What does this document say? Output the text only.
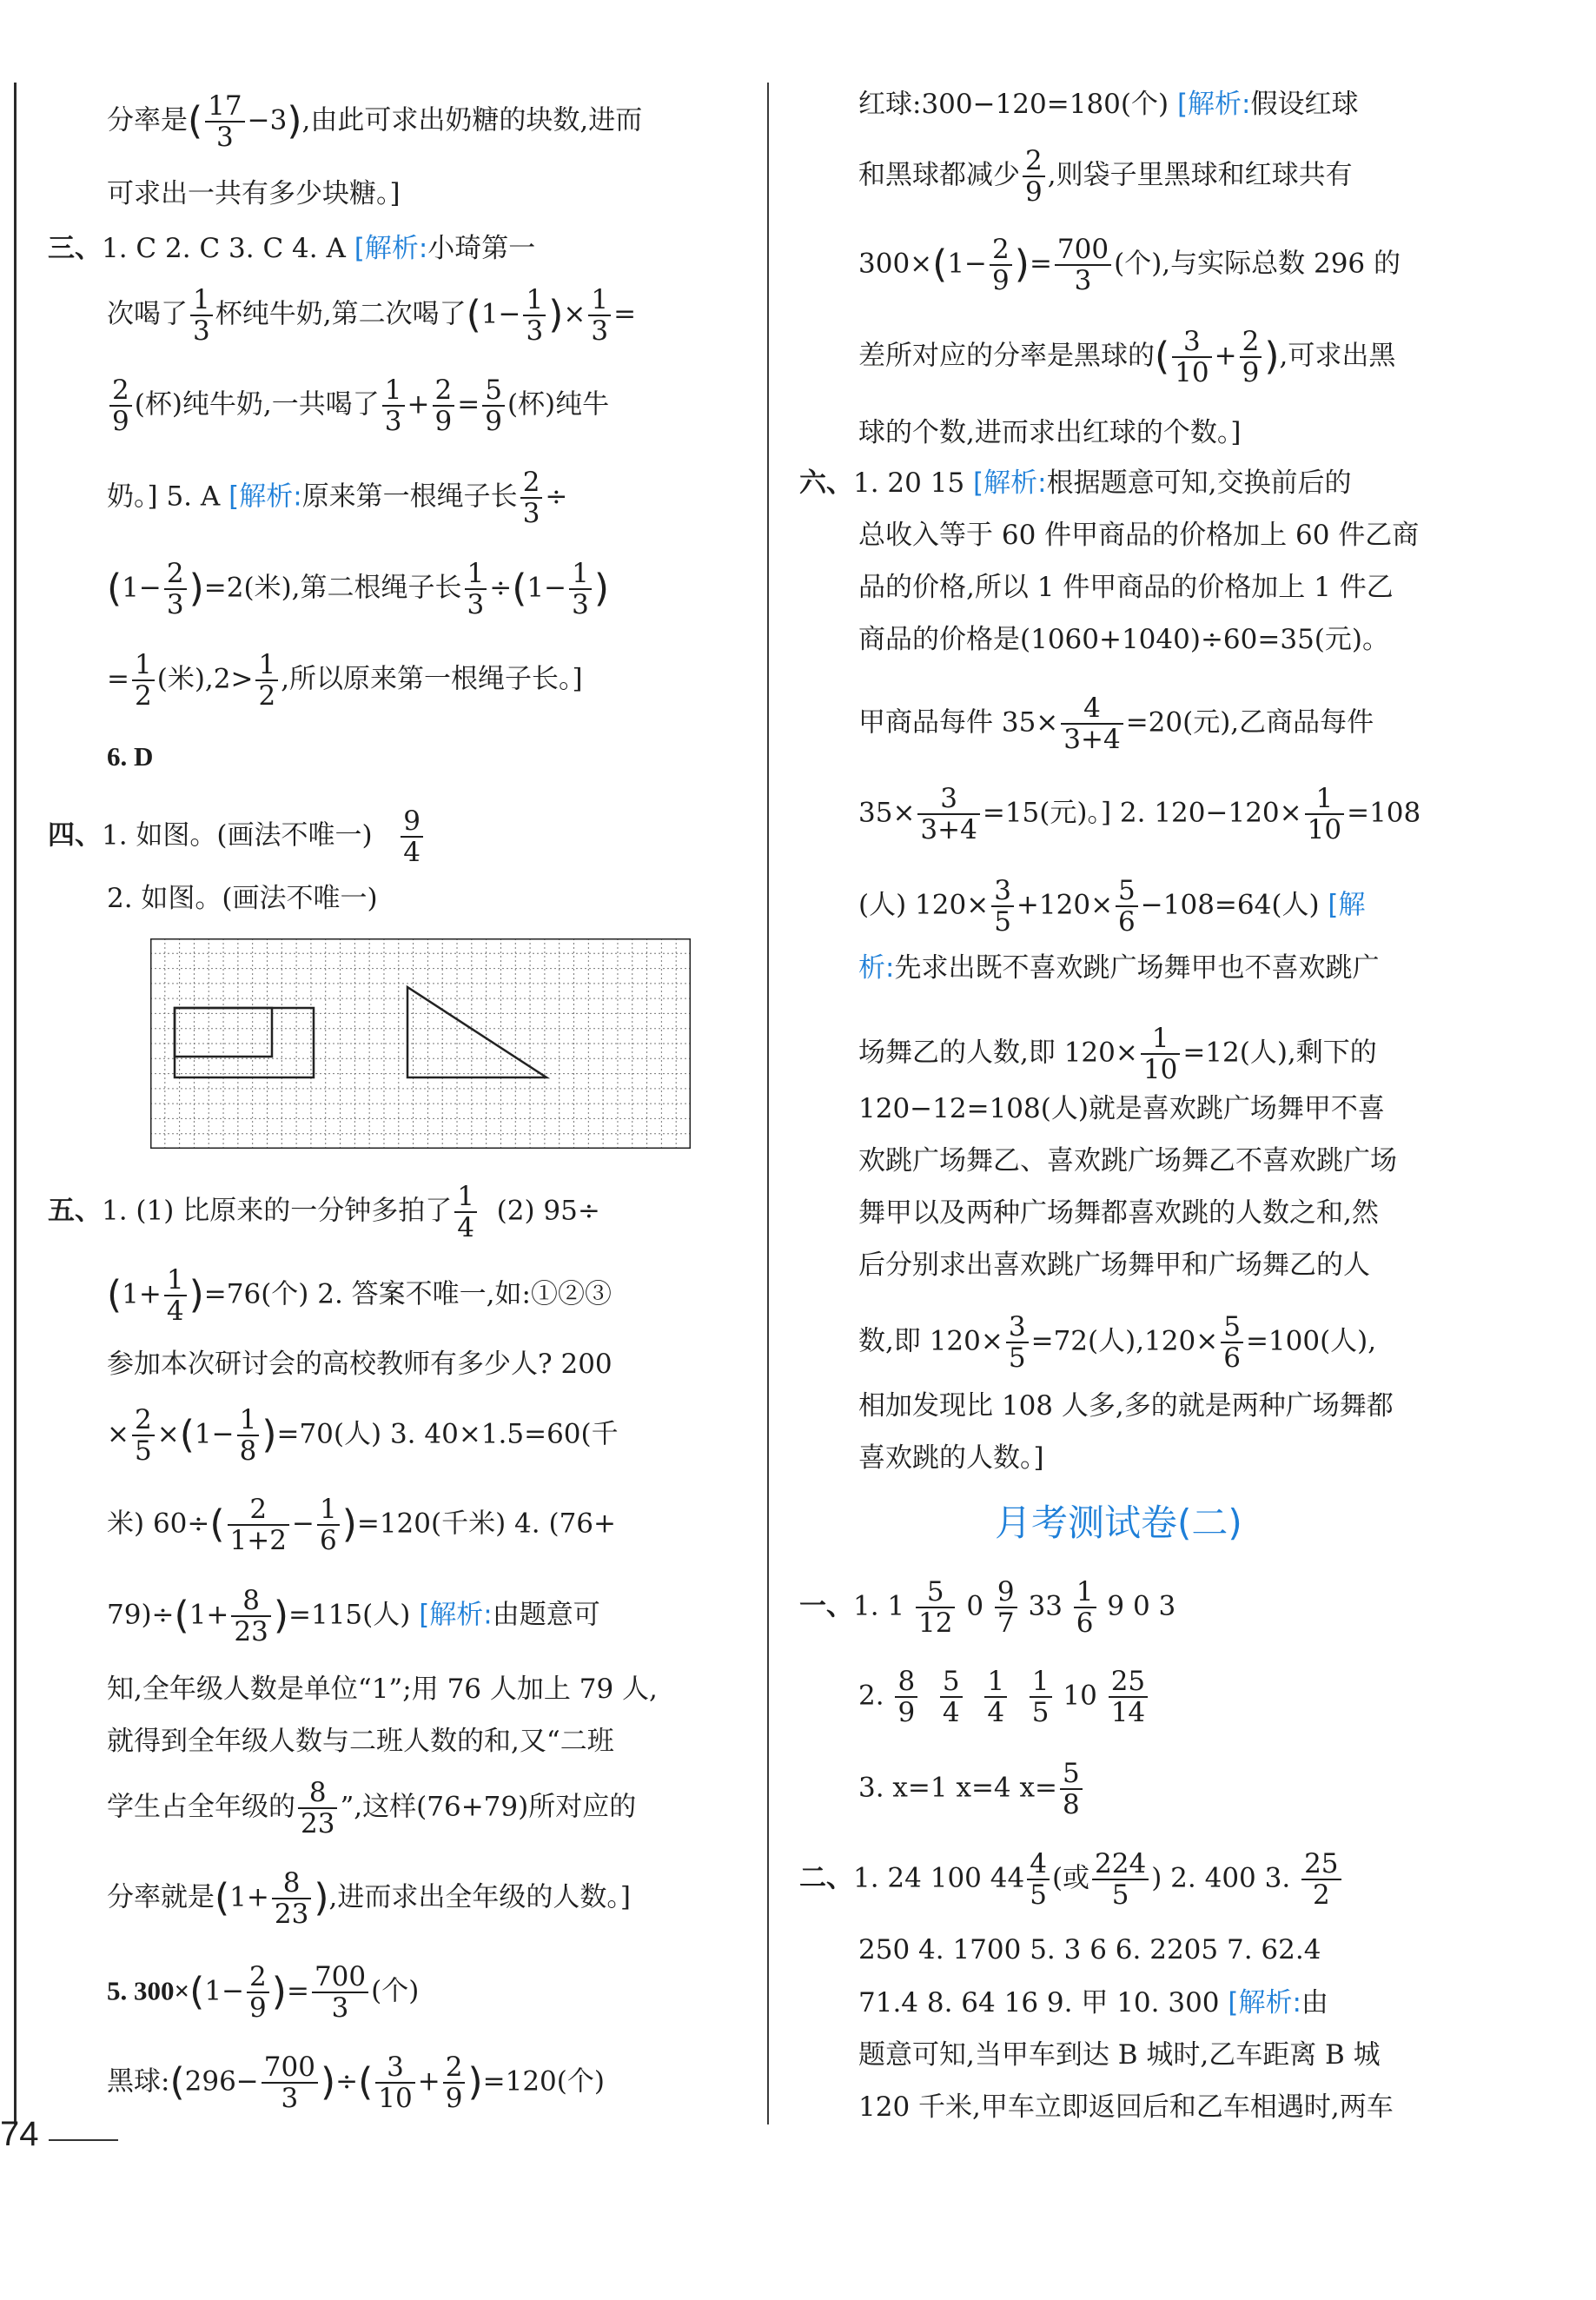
分率是( $\frac{17}{3} -3$),由此可求出奶糖的块数,进而
可求出一共有多少块糖。]
三、1. C 2. C 3. C 4. A [解析:小琦第一
次喝了 $\frac{1}{3}$ 杯纯牛奶,第二次喝了($1- \frac{1}{3}$ )× $\frac{1}{3}$ =
$\frac{2}{9}$ (杯)纯牛奶,一共喝了 $\frac{1}{3} + \frac{2}{9} = \frac{5}{9}$ (杯)纯牛
奶。] 5. A [解析:原来第一根绳子长 $\frac{2}{3}$ ÷
$(1- \frac{2}{3} )=2$(米),第二根绳子长 $\frac{1}{3} \div(1- \frac{1}{3}$ )
= $\frac{1}{2}$ (米)$,2> \frac{1}{2}$ ,所以原来第一根绳子长。]
6. D
四、1. 如图。(画法不唯一) $\frac{9}{4}$
2. 如图。(画法不唯一)
五、1. (1) 比原来的一分钟多拍了 $\frac{1}{4} (2)$ 95÷
$(1+ \frac{1}{4} )=76$(个) 2. 答案不唯一,如:①②③
参加本次研讨会的高校教师有多少人? 200
× $\frac{2}{5} \times(1- \frac{1}{8} )=70$(人) 3. 40×1.5=60(千
米) $60\div( \frac{2}{1+2} - \frac{1}{6} )=120$(千米) 4. (76+
$79)\div(1+ \frac{8}{23} )=115$(人) [解析:由题意可
知,全年级人数是单位“1”;用 76 人加上 79 人,
就得到全年级人数与二班人数的和,又“二班
学生占全年级的 $\frac{8}{23}$ ”,这样(76+79)所对应的
分率就是($1+ \frac{8}{23}$ ),进而求出全年级的人数。]
5. $300\times(1- \frac{2}{9}$ )= $\frac{700}{3}$ (个)
黑球:(296− $\frac{700}{3}$ )÷( $\frac{3}{10} + \frac{2}{9} )=120$(个)
红球:300−120=180(个) [解析:假设红球
和黑球都减少 $\frac{2}{9}$ ,则袋子里黑球和红球共有
$300\times(1- \frac{2}{9}$ )= $\frac{700}{3}$ (个),与实际总数 296 的
差所对应的分率是黑球的( $\frac{3}{10} + \frac{2}{9}$ ),可求出黑
球的个数,进而求出红球的个数。]
六、1. 20 15 [解析:根据题意可知,交换前后的
总收入等于 60 件甲商品的价格加上 60 件乙商
品的价格,所以 1 件甲商品的价格加上 1 件乙
商品的价格是(1060+1040)÷60=35(元)。
甲商品每件 $35\times \frac{4}{3+4} =20$(元),乙商品每件
$35\times \frac{3}{3+4} =15$(元)。] 2. $120-120\times \frac{1}{10} =108$
(人) $120\times \frac{3}{5} +120\times \frac{5}{6} -108=64$(人) [解
析:先求出既不喜欢跳广场舞甲也不喜欢跳广
场舞乙的人数,即 $120\times \frac{1}{10} =12$(人),剩下的
120−12=108(人)就是喜欢跳广场舞甲不喜
欢跳广场舞乙、喜欢跳广场舞乙不喜欢跳广场
舞甲以及两种广场舞都喜欢跳的人数之和,然
后分别求出喜欢跳广场舞甲和广场舞乙的人
数,即 $120\times \frac{3}{5} =72$(人)$,120\times \frac{5}{6} =100$(人),
相加发现比 108 人多,多的就是两种广场舞都
喜欢跳的人数。]
月考测试卷(二)
一、1. $1 \frac{5}{12} 0 \frac{9}{7} 33 \frac{1}{6} 9$ 0 3
2. $\frac{8}{9}$
$\frac{5}{4}$
$\frac{1}{4}$
$\frac{1}{5} 10 \frac{25}{14}$
3. x=1 x=4 $x= \frac{5}{8}$
二、1. 24 100 $44 \frac{4}{5}$ (或 $\frac{224}{5}$ ) 2. 400 3. $\frac{25}{2}$
250 4. 1700 5. 3 6 6. 2205 7. 62.4
71.4 8. 64 16 9. 甲 10. 300 [解析:由
题意可知,当甲车到达 B 城时,乙车距离 B 城
120 千米,甲车立即返回后和乙车相遇时,两车
74
